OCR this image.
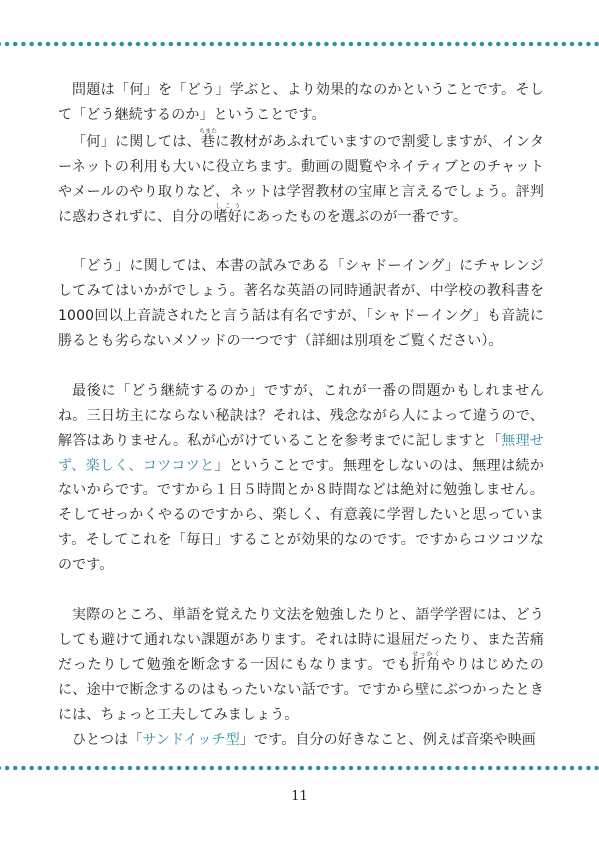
問題は「何」を「どう」学ぶと、より効果的なのかということです。そして「どう継続するのか」ということです。

「何」に関しては、巷ちまたに教材があふれていますので割愛しますが、インターネットの利用も大いに役立ちます。動画の閲覧やネイティブとのチャットやメールのやり取りなど、ネットは学習教材の宝庫と言えるでしょう。評判に惑わされずに、自分の嗜好しこうにあったものを選ぶのが一番です。

「どう」に関しては、本書の試みである「シャドーイング」にチャレンジしてみてはいかがでしょう。著名な英語の同時通訳者が、中学校の教科書を1000回以上音読されたと言う話は有名ですが、「シャドーイング」も音読に勝るとも劣らないメソッドの一つです（詳細は別項をご覧ください）。

最後に「どう継続するのか」ですが、これが一番の問題かもしれませんね。三日坊主にならない秘訣は？それは、残念ながら人によって違うので、解答はありません。私が心がけていることを参考までに記しますと「無理せず、楽しく、コツコツと」ということです。無理をしないのは、無理は続かないからです。ですから１日５時間とか８時間などは絶対に勉強しません。そしてせっかくやるのですから、楽しく、有意義に学習したいと思っています。そしてこれを「毎日」することが効果的なのです。ですからコツコツなのです。

実際のところ、単語を覚えたり文法を勉強したりと、語学学習には、どうしても避けて通れない課題があります。それは時に退屈だったり、また苦痛だったりして勉強を断念する一因にもなります。でも折角せっかくやりはじめたのに、途中で断念するのはもったいない話です。ですから壁にぶつかったときには、ちょっと工夫してみましょう。

ひとつは「サンドイッチ型」です。自分の好きなこと、例えば音楽や映画

11
